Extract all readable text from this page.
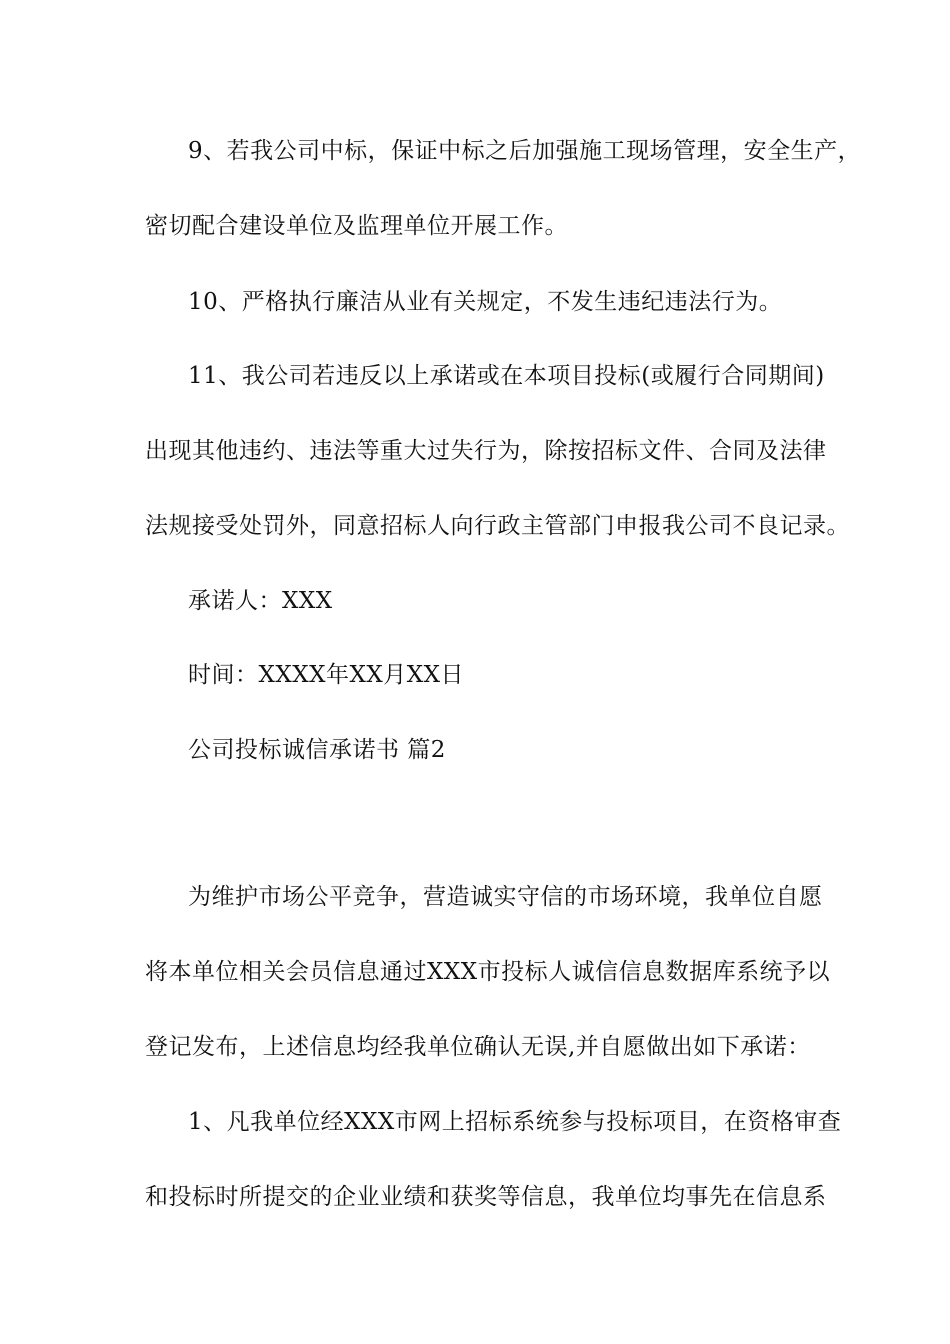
9、若我公司中标，保证中标之后加强施工现场管理，安全生产，
密切配合建设单位及监理单位开展工作。
10、严格执行廉洁从业有关规定，不发生违纪违法行为。
11、我公司若违反以上承诺或在本项目投标(或履行合同期间)
出现其他违约、违法等重大过失行为，除按招标文件、合同及法律
法规接受处罚外，同意招标人向行政主管部门申报我公司不良记录。
承诺人：XXX
时间：XXXX年XX月XX日
公司投标诚信承诺书 篇2
为维护市场公平竞争，营造诚实守信的市场环境，我单位自愿
将本单位相关会员信息通过XXX市投标人诚信信息数据库系统予以
登记发布，上述信息均经我单位确认无误,并自愿做出如下承诺：
1、凡我单位经XXX市网上招标系统参与投标项目，在资格审查
和投标时所提交的企业业绩和获奖等信息，我单位均事先在信息系
